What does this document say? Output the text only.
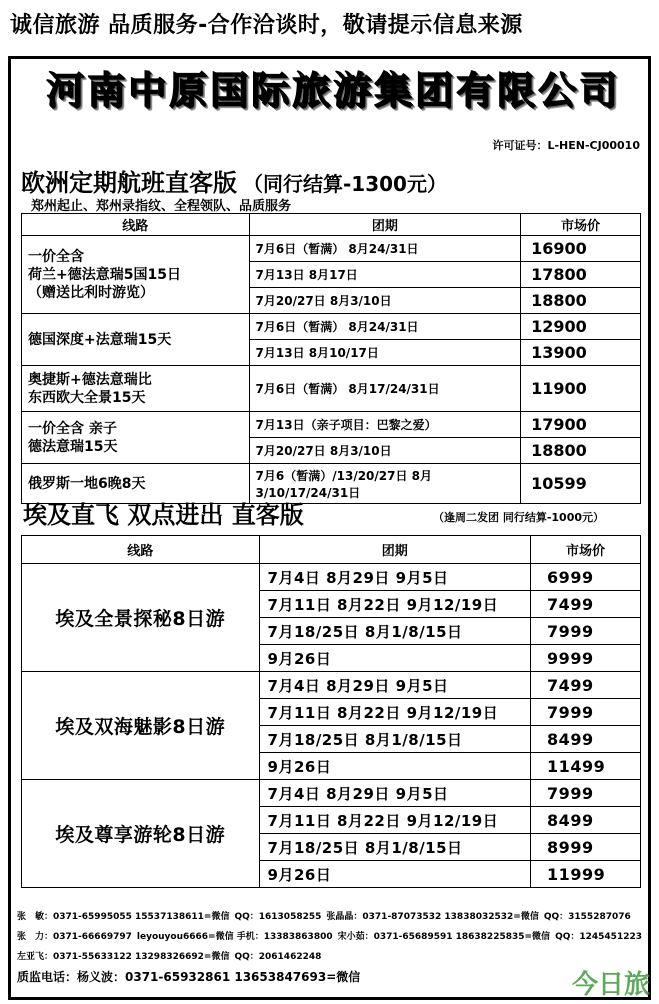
诚信旅游 品质服务-合作洽谈时，敬请提示信息来源
河南中原国际旅游集团有限公司
许可证号：L-HEN-CJ00010
欧洲定期航班直客版 （同行结算-1300元）
郑州起止、郑州录指纹、全程领队、品质服务
线路	团期	市场价

一价全含
荷兰+德法意瑞5国15日
（赠送比利时游览）	7月6日（暂满） 8月24/31日	16900
	7月13日 8月17日	17800
	7月20/27日 8月3/10日	18800

德国深度+法意瑞15天	7月6日（暂满） 8月24/31日	12900
	7月13日 8月10/17日	13900

奥捷斯+德法意瑞比
东西欧大全景15天	7月6日（暂满） 8月17/24/31日	11900

一价全含 亲子
德法意瑞15天	7月13日（亲子项目：巴黎之爱）	17900
	7月20/27日 8月3/10日	18800

俄罗斯一地6晚8天	7月6（暂满）/13/20/27日 8月3/10/17/24/31日	10599
埃及直飞 双点进出 直客版	（逢周二发团 同行结算-1000元）
线路	团期	市场价
埃及全景探秘8日游	7月4日 8月29日 9月5日	6999
	7月11日 8月22日 9月12/19日	7499
	7月18/25日 8月1/8/15日	7999
	9月26日	9999
埃及双海魅影8日游	7月4日 8月29日 9月5日	7499
	7月11日 8月22日 9月12/19日	7999
	7月18/25日 8月1/8/15日	8499
	9月26日	11499
埃及尊享游轮8日游	7月4日 8月29日 9月5日	7999
	7月11日 8月22日 9月12/19日	8499
	7月18/25日 8月1/8/15日	8999
	9月26日	11999
张　敏：0371-65995055 15537138611=微信 QQ：1613058255 张晶晶：0371-87073532 13838032532=微信 QQ：3155287076
张　力：0371-66669797 leyouyou6666=微信 手机：13383863800 宋小茹：0371-65689591 18638225835=微信 QQ：1245451223
左亚飞：0371-55633122 13298326692=微信 QQ：2061462248
质监电话：杨义波：0371-65932861 13653847693=微信	今日旅
